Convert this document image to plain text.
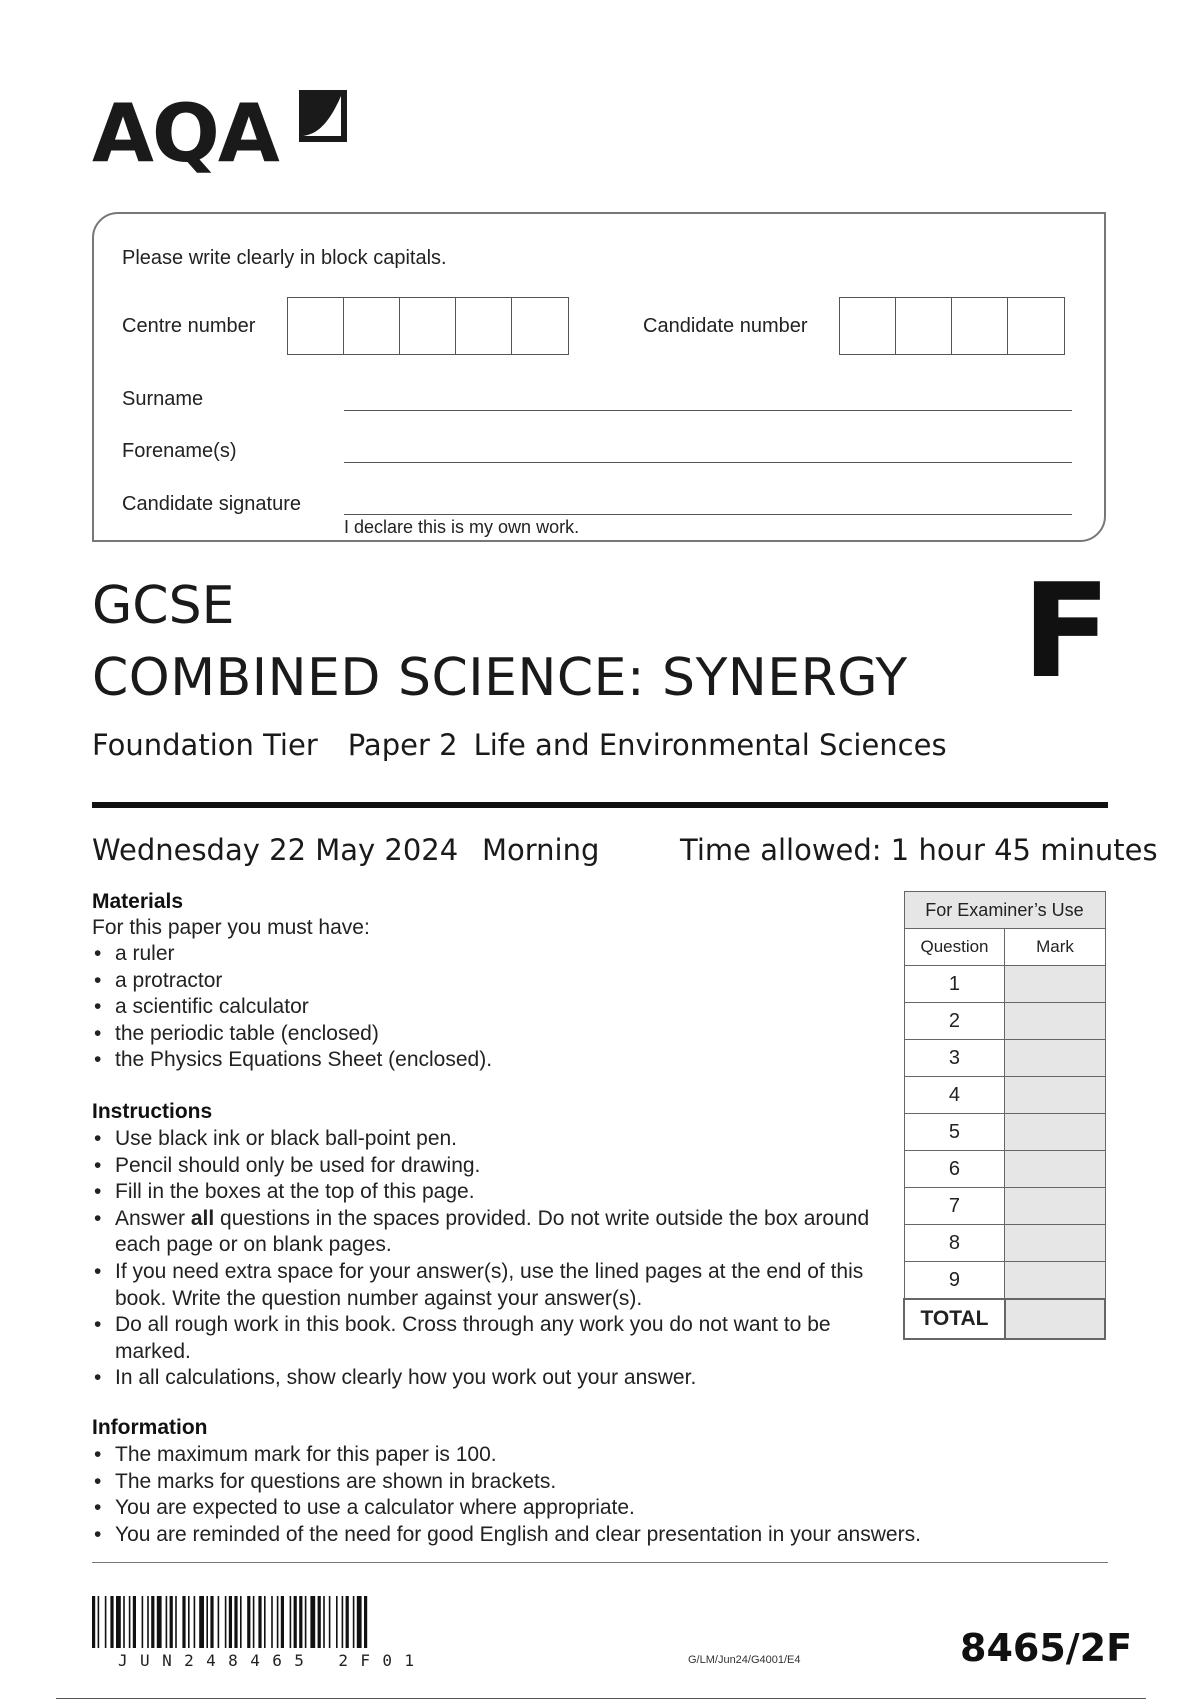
AQA
Please write clearly in block capitals.
Centre number	Candidate number
Surname
Forename(s)
Candidate signature
I declare this is my own work.
GCSE
COMBINED SCIENCE: SYNERGY F
Foundation Tier Paper 2 Life and Environmental Sciences
Wednesday 22 May 2024 Morning	Time allowed: 1 hour 45 minutes
Materials
For this paper you must have:
• a ruler
• a protractor
• a scientific calculator
• the periodic table (enclosed)
• the Physics Equations Sheet (enclosed).
Instructions
• Use black ink or black ball-point pen.
• Pencil should only be used for drawing.
• Fill in the boxes at the top of this page.
• Answer all questions in the spaces provided. Do not write outside the box around each page or on blank pages.
• If you need extra space for your answer(s), use the lined pages at the end of this book. Write the question number against your answer(s).
• Do all rough work in this book. Cross through any work you do not want to be marked.
• In all calculations, show clearly how you work out your answer.
Information
• The maximum mark for this paper is 100.
• The marks for questions are shown in brackets.
• You are expected to use a calculator where appropriate.
• You are reminded of the need for good English and clear presentation in your answers.
For Examiner’s Use	
Question	Mark
1	
2	
3	
4	
5	
6	
7	
8	
9	
TOTAL	
JUN248465 2F01	G/LM/Jun24/G4001/E4	8465/2F
